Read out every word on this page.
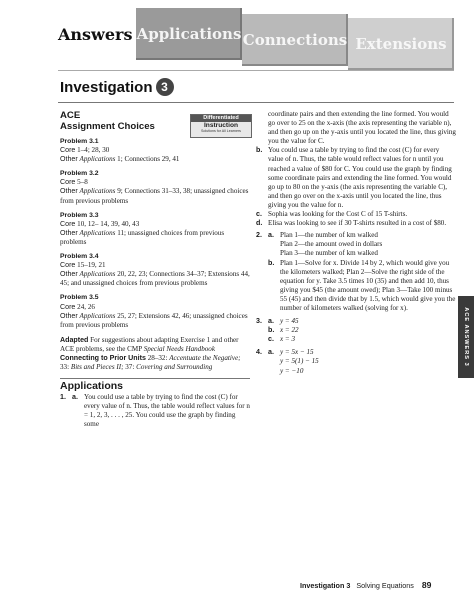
Answers Applications Connections Extensions
Investigation 3
ACE
Assignment Choices
Differentiated
Instruction
Solutions for All Learners
Problem 3.1
Core 1–4; 28, 30
Other Applications 1; Connections 29, 41
Problem 3.2
Core 5–8
Other Applications 9; Connections 31–33, 38; unassigned choices from previous problems
Problem 3.3
Core 10, 12– 14, 39, 40, 43
Other Applications 11; unassigned choices from previous problems
Problem 3.4
Core 15–19, 21
Other Applications 20, 22, 23; Connections 34–37; Extensions 44, 45; and unassigned choices from previous problems
Problem 3.5
Core 24, 26
Other Applications 25, 27; Extensions 42, 46; unassigned choices from previous problems
Adapted For suggestions about adapting Exercise 1 and other ACE problems, see the CMP Special Needs Handbook
Connecting to Prior Units 28–32: Accentuate the Negative; 33: Bits and Pieces II; 37: Covering and Surrounding
Applications
1. a. You could use a table by trying to find the cost (C) for every value of n. Thus, the table would reflect values for n = 1, 2, 3, . . . , 25. You could use the graph by finding some
coordinate pairs and then extending the line formed. You would go over to 25 on the x-axis (the axis representing the variable n), and then go up on the y-axis until you located the line, thus giving you the value for C.
b. You could use a table by trying to find the cost (C) for every value of n. Thus, the table would reflect values for n until you reached a value of $80 for C. You could use the graph by finding some coordinate pairs and extending the line formed. You would go up to 80 on the y-axis (the axis representing the variable C), and then go over on the x-axis until you located the line, thus giving you the value for n.
c. Sophia was looking for the Cost C of 15 T-shirts.
d. Elisa was looking to see if 30 T-shirts resulted in a cost of $80.
2. a. Plan 1—the number of km walked
Plan 2—the amount owed in dollars
Plan 3—the number of km walked
b. Plan 1—Solve for x. Divide 14 by 2, which would give you the kilometers walked; Plan 2—Solve the right side of the equation for y. Take 3.5 times 10 (35) and then add 10, thus giving you $45 (the amount owed); Plan 3—Take 100 minus 55 (45) and then divide that by 1.5, which would give you the number of kilometers walked (solving for x).
3. a. y = 45
b. x = 22
c. x = 3
4. a. y = 5x − 15
y = 5(1) − 15
y = −10
ACE ANSWERS 3
Investigation 3 Solving Equations 89
